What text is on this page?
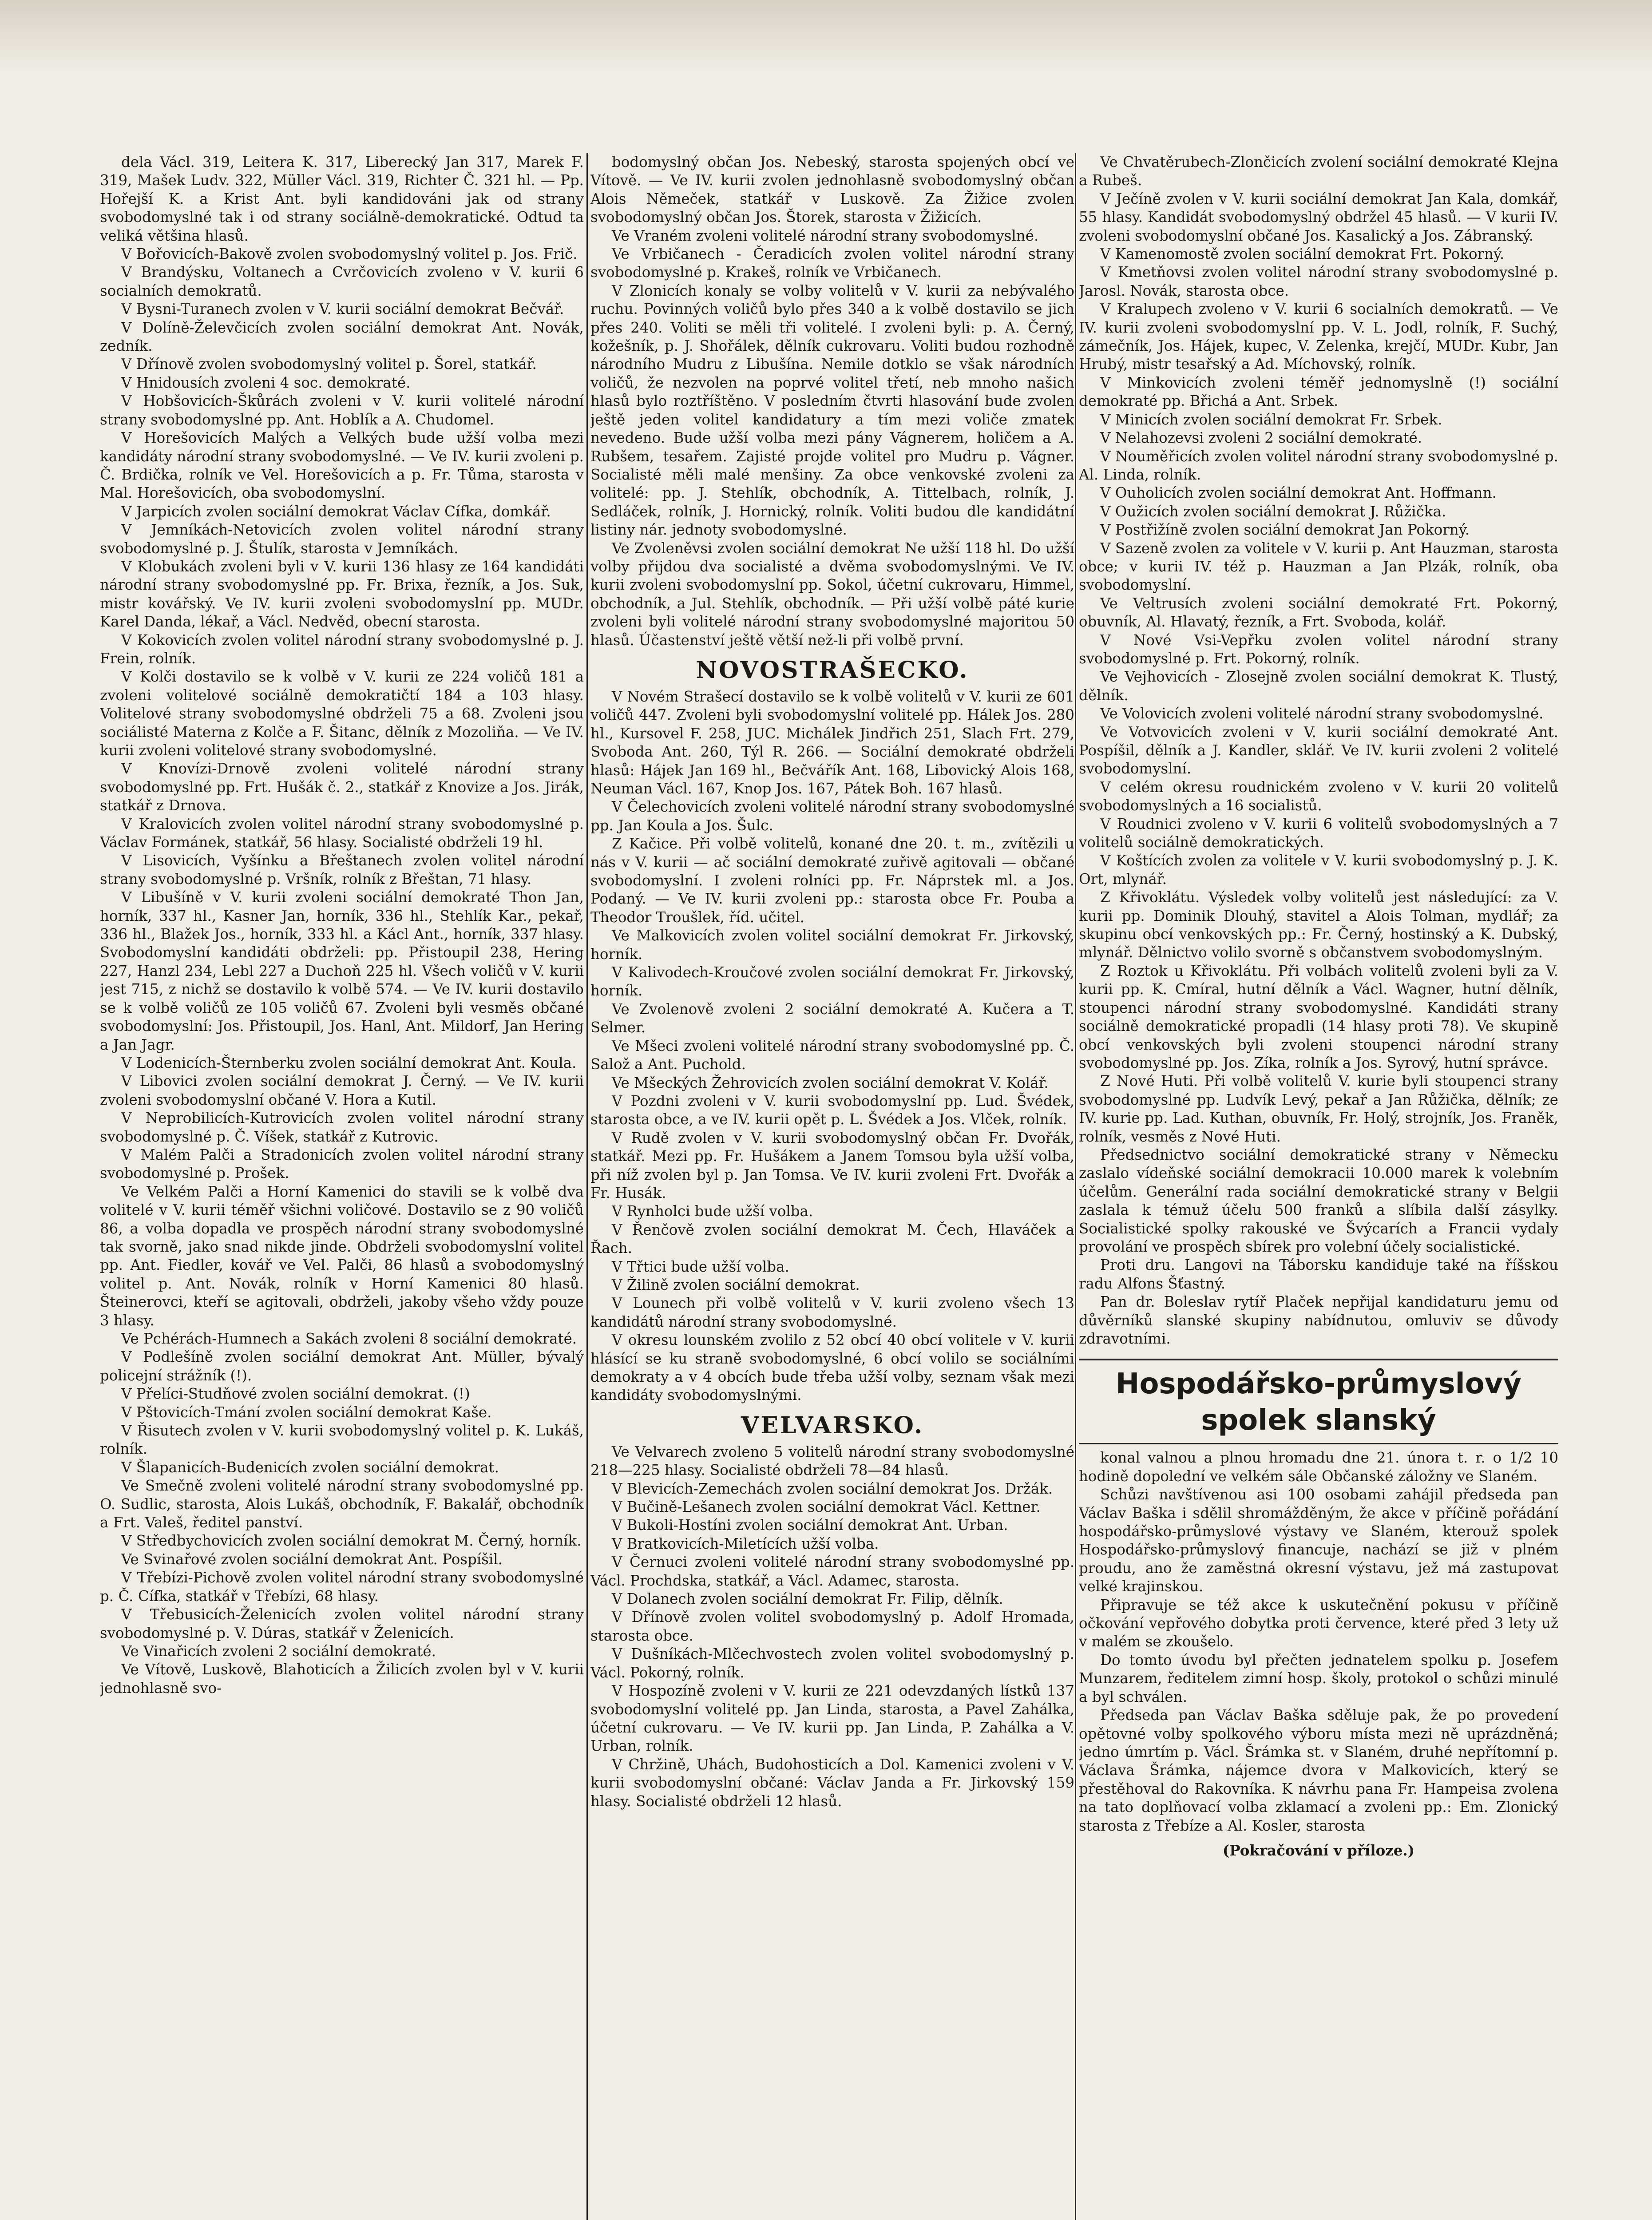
dela Václ. 319, Leitera K. 317, Liberecký Jan 317, Marek F. 319, Mašek Ludv. 322, Müller Václ. 319, Richter Č. 321 hl. — Pp. Hořejší K. a Krist Ant. byli kandidováni jak od strany svobodomyslné tak i od strany sociálně-demokratické. Odtud ta veliká většina hlasů.

V Bořovicích-Bakově zvolen svobodomyslný volitel p. Jos. Frič.

V Brandýsku, Voltanech a Cvrčovicích zvoleno v V. kurii 6 socialních demokratů.

V Bysni-Turanech zvolen v V. kurii sociální demokrat Bečvář.

V Dolíně-Želevčicích zvolen sociální demokrat Ant. Novák, zedník.

V Dřínově zvolen svobodomyslný volitel p. Šorel, statkář.

V Hnidousích zvoleni 4 soc. demokraté.

V Hobšovicích-Škůrách zvoleni v V. kurii volitelé národní strany svobodomyslné pp. Ant. Hoblík a A. Chudomel.

V Horešovicích Malých a Velkých bude užší volba mezi kandidáty národní strany svobodomyslné. — Ve IV. kurii zvoleni p. Č. Brdička, rolník ve Vel. Horešovicích a p. Fr. Tůma, starosta v Mal. Horešovicích, oba svobodomyslní.

V Jarpicích zvolen sociální demokrat Václav Cífka, domkář.

V Jemníkách-Netovicích zvolen volitel národní strany svobodomyslné p. J. Štulík, starosta v Jemníkách.

V Klobukách zvoleni byli v V. kurii 136 hlasy ze 164 kandidáti národní strany svobodomyslné pp. Fr. Brixa, řezník, a Jos. Suk, mistr kovářský. Ve IV. kurii zvoleni svobodomyslní pp. MUDr. Karel Danda, lékař, a Václ. Nedvěd, obecní starosta.

V Kokovicích zvolen volitel národní strany svobodomyslné p. J. Frein, rolník.

V Kolči dostavilo se k volbě v V. kurii ze 224 voličů 181 a zvoleni volitelové sociálně demokratičtí 184 a 103 hlasy. Volitelové strany svobodomyslné obdrželi 75 a 68. Zvoleni jsou sociálisté Materna z Kolče a F. Šitanc, dělník z Mozoliňa. — Ve IV. kurii zvoleni volitelové strany svobodomyslné.

V Knovízi-Drnově zvoleni volitelé národní strany svobodomyslné pp. Frt. Hušák č. 2., statkář z Knovize a Jos. Jirák, statkář z Drnova.

V Kralovicích zvolen volitel národní strany svobodomyslné p. Václav Formánek, statkář, 56 hlasy. Socialisté obdrželi 19 hl.

V Lisovicích, Vyšínku a Břeštanech zvolen volitel národní strany svobodomyslné p. Vršník, rolník z Břeštan, 71 hlasy.

V Libušíně v V. kurii zvoleni sociální demokraté Thon Jan, horník, 337 hl., Kasner Jan, horník, 336 hl., Stehlík Kar., pekař, 336 hl., Blažek Jos., horník, 333 hl. a Kácl Ant., horník, 337 hlasy. Svobodomyslní kandidáti obdrželi: pp. Přistoupil 238, Hering 227, Hanzl 234, Lebl 227 a Duchoň 225 hl. Všech voličů v V. kurii jest 715, z nichž se dostavilo k volbě 574. — Ve IV. kurii dostavilo se k volbě voličů ze 105 voličů 67. Zvoleni byli vesměs občané svobodomyslní: Jos. Přistoupil, Jos. Hanl, Ant. Mildorf, Jan Hering a Jan Jagr.

V Lodenicích-Šternberku zvolen sociální demokrat Ant. Koula.

V Libovici zvolen sociální demokrat J. Černý. — Ve IV. kurii zvoleni svobodomyslní občané V. Hora a Kutil.

V Neprobilicích-Kutrovicích zvolen volitel národní strany svobodomyslné p. Č. Víšek, statkář z Kutrovic.

V Malém Palči a Stradonicích zvolen volitel národní strany svobodomyslné p. Prošek.

Ve Velkém Palči a Horní Kamenici do stavili se k volbě dva volitelé v V. kurii téměř všichni voličové. Dostavilo se z 90 voličů 86, a volba dopadla ve prospěch národní strany svobodomyslné tak svorně, jako snad nikde jinde. Obdrželi svobodomyslní volitel pp. Ant. Fiedler, kovář ve Vel. Palči, 86 hlasů a svobodomyslný volitel p. Ant. Novák, rolník v Horní Kamenici 80 hlasů. Šteinerovci, kteří se agitovali, obdrželi, jakoby všeho vždy pouze 3 hlasy.

Ve Pchérách-Humnech a Sakách zvoleni 8 sociální demokraté.

V Podlešíně zvolen sociální demokrat Ant. Müller, bývalý policejní strážník (!).

V Přelíci-Studňové zvolen sociální demokrat. (!)

V Pštovicích-Tmání zvolen sociální demokrat Kaše.

V Řisutech zvolen v V. kurii svobodomyslný volitel p. K. Lukáš, rolník.

V Šlapanicích-Budenicích zvolen sociální demokrat.

Ve Smečně zvoleni volitelé národní strany svobodomyslné pp. O. Sudlic, starosta, Alois Lukáš, obchodník, F. Bakalář, obchodník a Frt. Valeš, ředitel panství.

V Středbychovicích zvolen sociální demokrat M. Černý, horník.

Ve Svinařové zvolen sociální demokrat Ant. Pospíšil.

V Třebízi-Pichově zvolen volitel národní strany svobodomyslné p. Č. Cífka, statkář v Třebízi, 68 hlasy.

V Třebusicích-Želenicích zvolen volitel národní strany svobodomyslné p. V. Dúras, statkář v Želenicích.

Ve Vinařicích zvoleni 2 sociální demokraté.

Ve Vítově, Luskově, Blahoticích a Žilicích zvolen byl v V. kurii jednohlasně svo-

bodomyslný občan Jos. Nebeský, starosta spojených obcí ve Vítově. — Ve IV. kurii zvolen jednohlasně svobodomyslný občan Alois Němeček, statkář v Luskově. Za Žižice zvolen svobodomyslný občan Jos. Štorek, starosta v Žižicích.

Ve Vraném zvoleni volitelé národní strany svobodomyslné.

Ve Vrbičanech - Čeradicích zvolen volitel národní strany svobodomyslné p. Krakeš, rolník ve Vrbičanech.

V Zlonicích konaly se volby volitelů v V. kurii za nebývalého ruchu. Povinných voličů bylo přes 340 a k volbě dostavilo se jich přes 240. Voliti se měli tři volitelé. I zvoleni byli: p. A. Černý, kožešník, p. J. Shořálek, dělník cukrovaru. Voliti budou rozhodně národního Mudru z Libušína. Nemile dotklo se však národních voličů, že nezvolen na poprvé volitel třetí, neb mnoho našich hlasů bylo roztříštěno. V posledním čtvrti hlasování bude zvolen ještě jeden volitel kandidatury a tím mezi voliče zmatek nevedeno. Bude užší volba mezi pány Vágnerem, holičem a A. Rubšem, tesařem. Zajisté projde volitel pro Mudru p. Vágner. Socialisté měli malé menšiny. Za obce venkovské zvoleni za volitelé: pp. J. Stehlík, obchodník, A. Tittelbach, rolník, J. Sedláček, rolník, J. Hornický, rolník. Voliti budou dle kandidátní listiny nár. jednoty svobodomyslné.

Ve Zvoleněvsi zvolen sociální demokrat Ne užší 118 hl. Do užší volby přijdou dva socialisté a dvěma svobodomyslnými. Ve IV. kurii zvoleni svobodomyslní pp. Sokol, účetní cukrovaru, Himmel, obchodník, a Jul. Stehlík, obchodník. — Při užší volbě páté kurie zvoleni byli volitelé národní strany svobodomyslné majoritou 50 hlasů. Účastenství ještě větší než-li při volbě první.

NOVOSTRAŠECKO.

V Novém Strašecí dostavilo se k volbě volitelů v V. kurii ze 601 voličů 447. Zvoleni byli svobodomyslní volitelé pp. Hálek Jos. 280 hl., Kursovel F. 258, JUC. Michálek Jindřich 251, Slach Frt. 279, Svoboda Ant. 260, Týl R. 266. — Sociální demokraté obdrželi hlasů: Hájek Jan 169 hl., Bečvářík Ant. 168, Libovický Alois 168, Neuman Václ. 167, Knop Jos. 167, Pátek Boh. 167 hlasů.

V Čelechovicích zvoleni volitelé národní strany svobodomyslné pp. Jan Koula a Jos. Šulc.

Z Kačice. Při volbě volitelů, konané dne 20. t. m., zvítězili u nás v V. kurii — ač sociální demokraté zuřivě agitovali — občané svobodomyslní. I zvoleni rolníci pp. Fr. Náprstek ml. a Jos. Podaný. — Ve IV. kurii zvoleni pp.: starosta obce Fr. Pouba a Theodor Troušlek, říd. učitel.

Ve Malkovicích zvolen volitel sociální demokrat Fr. Jirkovský, horník.

V Kalivodech-Kroučové zvolen sociální demokrat Fr. Jirkovský, horník.

Ve Zvolenově zvoleni 2 sociální demokraté A. Kučera a T. Selmer.

Ve Mšeci zvoleni volitelé národní strany svobodomyslné pp. Č. Salož a Ant. Puchold.

Ve Mšeckých Žehrovicích zvolen sociální demokrat V. Kolář.

V Pozdni zvoleni v V. kurii svobodomyslní pp. Lud. Švédek, starosta obce, a ve IV. kurii opět p. L. Švédek a Jos. Vlček, rolník.

V Rudě zvolen v V. kurii svobodomyslný občan Fr. Dvořák, statkář. Mezi pp. Fr. Hušákem a Janem Tomsou byla užší volba, při níž zvolen byl p. Jan Tomsa. Ve IV. kurii zvoleni Frt. Dvořák a Fr. Husák.

V Rynholci bude užší volba.

V Řenčově zvolen sociální demokrat M. Čech, Hlaváček a Řach.

V Třtici bude užší volba.

V Žilině zvolen sociální demokrat.

V Lounech při volbě volitelů v V. kurii zvoleno všech 13 kandidátů národní strany svobodomyslné.

V okresu lounském zvolilo z 52 obcí 40 obcí volitele v V. kurii hlásící se ku straně svobodomyslné, 6 obcí volilo se sociálními demokraty a v 4 obcích bude třeba užší volby, seznam však mezi kandidáty svobodomyslnými.

VELVARSKO.

Ve Velvarech zvoleno 5 volitelů národní strany svobodomyslné 218—225 hlasy. Socialisté obdrželi 78—84 hlasů.

V Blevicích-Zemechách zvolen sociální demokrat Jos. Držák.

V Bučině-Lešanech zvolen sociální demokrat Václ. Kettner.

V Bukoli-Hostíni zvolen sociální demokrat Ant. Urban.

V Bratkovicích-Miletících užší volba.

V Černuci zvoleni volitelé národní strany svobodomyslné pp. Václ. Prochdska, statkář, a Václ. Adamec, starosta.

V Dolanech zvolen sociální demokrat Fr. Filip, dělník.

V Dřínově zvolen volitel svobodomyslný p. Adolf Hromada, starosta obce.

V Dušníkách-Mlčechvostech zvolen volitel svobodomyslný p. Václ. Pokorný, rolník.

V Hospozíně zvoleni v V. kurii ze 221 odevzdaných lístků 137 svobodomyslní volitelé pp. Jan Linda, starosta, a Pavel Zahálka, účetní cukrovaru. — Ve IV. kurii pp. Jan Linda, P. Zahálka a V. Urban, rolník.

V Chržině, Uhách, Budohosticích a Dol. Kamenici zvoleni v V. kurii svobodomyslní občané: Václav Janda a Fr. Jirkovský 159 hlasy. Socialisté obdrželi 12 hlasů.

Ve Chvatěrubech-Zlončicích zvolení sociální demokraté Klejna a Rubeš.

V Ječíně zvolen v V. kurii sociální demokrat Jan Kala, domkář, 55 hlasy. Kandidát svobodomyslný obdržel 45 hlasů. — V kurii IV. zvoleni svobodomyslní občané Jos. Kasalický a Jos. Zábranský.

V Kamenomostě zvolen sociální demokrat Frt. Pokorný.

V Kmetňovsi zvolen volitel národní strany svobodomyslné p. Jarosl. Novák, starosta obce.

V Kralupech zvoleno v V. kurii 6 socialních demokratů. — Ve IV. kurii zvoleni svobodomyslní pp. V. L. Jodl, rolník, F. Suchý, zámečník, Jos. Hájek, kupec, V. Zelenka, krejčí, MUDr. Kubr, Jan Hrubý, mistr tesařský a Ad. Míchovský, rolník.

V Minkovicích zvoleni téměř jednomyslně (!) sociální demokraté pp. Břichá a Ant. Srbek.

V Minicích zvolen sociální demokrat Fr. Srbek.

V Nelahozevsi zvoleni 2 sociální demokraté.

V Nouměřicích zvolen volitel národní strany svobodomyslné p. Al. Linda, rolník.

V Ouholicích zvolen sociální demokrat Ant. Hoffmann.

V Oužicích zvolen sociální demokrat J. Růžička.

V Postřižíně zvolen sociální demokrat Jan Pokorný.

V Sazeně zvolen za volitele v V. kurii p. Ant Hauzman, starosta obce; v kurii IV. též p. Hauzman a Jan Plzák, rolník, oba svobodomyslní.

Ve Veltrusích zvoleni sociální demokraté Frt. Pokorný, obuvník, Al. Hlavatý, řezník, a Frt. Svoboda, kolář.

V Nové Vsi-Vepřku zvolen volitel národní strany svobodomyslné p. Frt. Pokorný, rolník.

Ve Vejhovicích - Zlosejně zvolen sociální demokrat K. Tlustý, dělník.

Ve Volovicích zvoleni volitelé národní strany svobodomyslné.

Ve Votvovicích zvoleni v V. kurii sociální demokraté Ant. Pospíšil, dělník a J. Kandler, sklář. Ve IV. kurii zvoleni 2 volitelé svobodomyslní.

V celém okresu roudnickém zvoleno v V. kurii 20 volitelů svobodomyslných a 16 socialistů.

V Roudnici zvoleno v V. kurii 6 volitelů svobodomyslných a 7 volitelů sociálně demokratických.

V Koštících zvolen za volitele v V. kurii svobodomyslný p. J. K. Ort, mlynář.

Z Křivoklátu. Výsledek volby volitelů jest následující: za V. kurii pp. Dominik Dlouhý, stavitel a Alois Tolman, mydlář; za skupinu obcí venkovských pp.: Fr. Černý, hostinský a K. Dubský, mlynář. Dělnictvo volilo svorně s občanstvem svobodomyslným.

Z Roztok u Křivoklátu. Při volbách volitelů zvoleni byli za V. kurii pp. K. Cmíral, hutní dělník a Václ. Wagner, hutní dělník, stoupenci národní strany svobodomyslné. Kandidáti strany sociálně demokratické propadli (14 hlasy proti 78). Ve skupině obcí venkovských byli zvoleni stoupenci národní strany svobodomyslné pp. Jos. Zíka, rolník a Jos. Syrový, hutní správce.

Z Nové Huti. Při volbě volitelů V. kurie byli stoupenci strany svobodomyslné pp. Ludvík Levý, pekař a Jan Růžička, dělník; ze IV. kurie pp. Lad. Kuthan, obuvník, Fr. Holý, strojník, Jos. Franěk, rolník, vesměs z Nové Huti.

Předsednictvo sociální demokratické strany v Německu zaslalo vídeňské sociální demokracii 10.000 marek k volebním účelům. Generální rada sociální demokratické strany v Belgii zaslala k témuž účelu 500 franků a slíbila další zásylky. Socialistické spolky rakouské ve Švýcarích a Francii vydaly provolání ve prospěch sbírek pro volební účely socialistické.

Proti dru. Langovi na Táborsku kandiduje také na říšskou radu Alfons Šťastný.

Pan dr. Boleslav rytíř Plaček nepřijal kandidaturu jemu od důvěrníků slanské skupiny nabídnutou, omluviv se důvody zdravotními.

Hospodářsko-průmyslový spolek slanský

konal valnou a plnou hromadu dne 21. února t. r. o 1/2 10 hodině dopolední ve velkém sále Občanské záložny ve Slaném.

Schůzi navštívenou asi 100 osobami zahájil předseda pan Václav Baška i sdělil shromážděným, že akce v příčině pořádání hospodářsko-průmyslové výstavy ve Slaném, kterouž spolek Hospodářsko-průmyslový financuje, nachází se již v plném proudu, ano že zaměstná okresní výstavu, jež má zastupovat velké krajinskou.

Připravuje se též akce k uskutečnění pokusu v příčině očkování vepřového dobytka proti července, které před 3 lety už v malém se zkoušelo.

Do tomto úvodu byl přečten jednatelem spolku p. Josefem Munzarem, ředitelem zimní hosp. školy, protokol o schůzi minulé a byl schválen.

Předseda pan Václav Baška sděluje pak, že po provedení opětovné volby spolkového výboru místa mezi ně uprázdněná; jedno úmrtím p. Václ. Šrámka st. v Slaném, druhé nepřítomní p. Václava Šrámka, nájemce dvora v Malkovicích, který se přestěhoval do Rakovníka. K návrhu pana Fr. Hampeisa zvolena na tato doplňovací volba zklamací a zvoleni pp.: Em. Zlonický starosta z Třebíze a Al. Kosler, starosta

(Pokračování v příloze.)
